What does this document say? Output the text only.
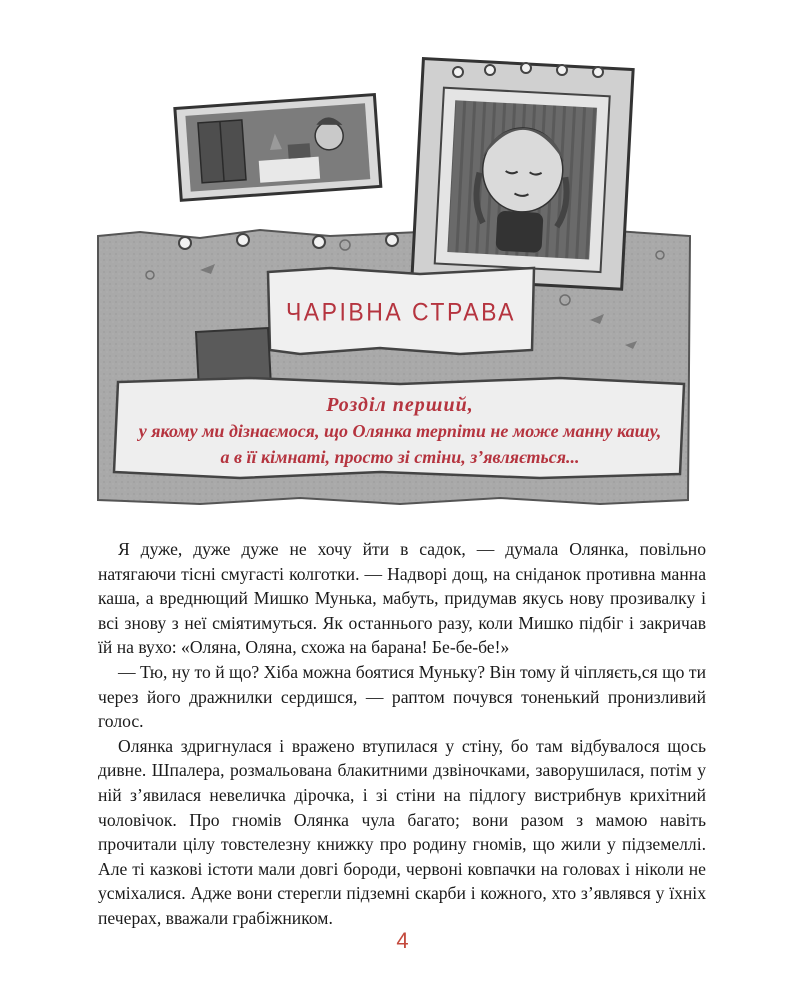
ЧАРІВНА СТРАВА
Розділ перший,
у якому ми дізнаємося, що Олянка терпіти не може манну кашу,
а в її кімнаті, просто зі стіни, з’являється...

Я дуже, дуже дуже не хочу йти в садок, — думала Олянка, повільно натягаючи тісні смугасті колготки. — Надворі дощ, на сніданок противна манна каша, а вреднющий Мишко Мунька, мабуть, придумав якусь нову прозивалку і всі знову з неї сміятимуться. Як останнього разу, коли Мишко підбіг і закричав їй на вухо: «Оляна, Оляна, схожа на барана! Бе-бе-бе!»

— Тю, ну то й що? Хіба можна боятися Муньку? Він тому й чіпляєть,ся що ти через його дражнилки сердишся, — раптом почувся тоненький пронизливий голос.

Олянка здригнулася і вражено втупилася у стіну, бо там відбувалося щось дивне. Шпалера, розмальована блакитними дзвіночками, заворушилася, потім у ній з’явилася невеличка дірочка, і зі стіни на підлогу вистрибнув крихітний чоловічок. Про гномів Олянка чула багато; вони разом з мамою навіть прочитали цілу товстелезну книжку про родину гномів, що жили у підземеллі. Але ті казкові істоти мали довгі бороди, червоні ковпачки на головах і ніколи не усміхалися. Адже вони стерегли підземні скарби і кожного, хто з’являвся у їхніх печерах, вважали грабіжником.

4
